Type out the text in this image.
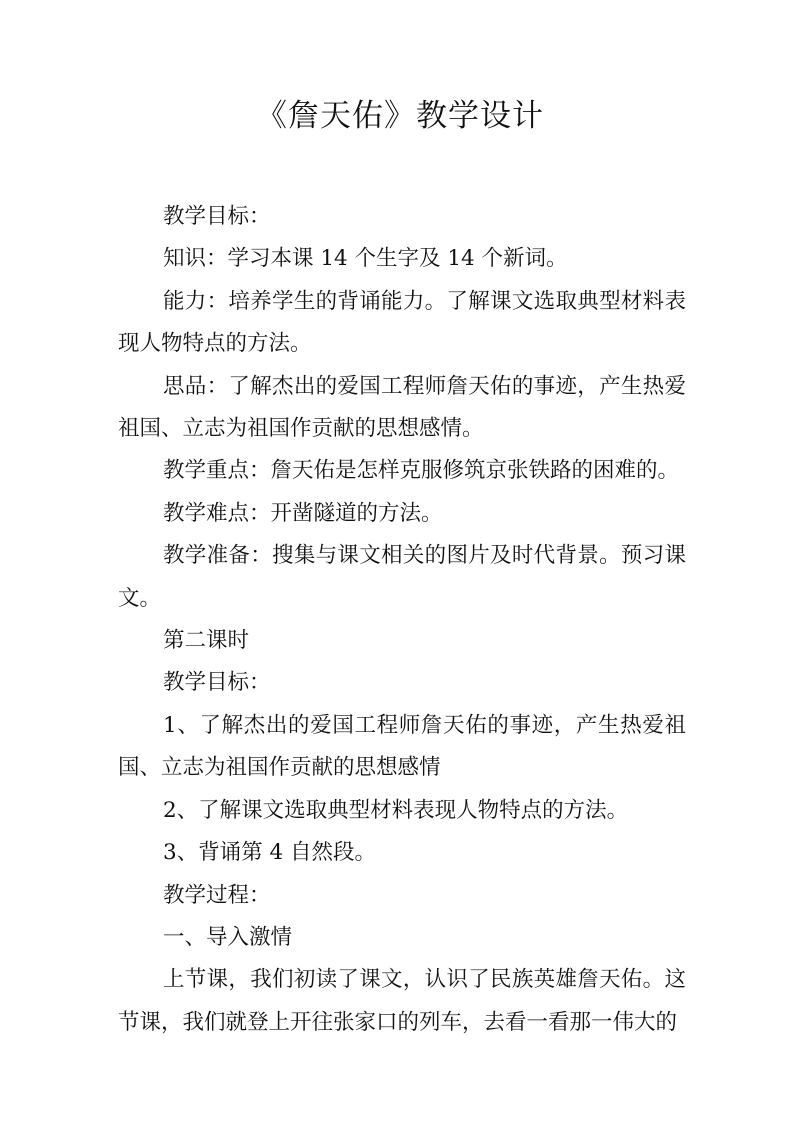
《詹天佑》教学设计

教学目标：

知识：学习本课 14 个生字及 14 个新词。

能力：培养学生的背诵能力。了解课文选取典型材料表现人物特点的方法。

思品：了解杰出的爱国工程师詹天佑的事迹，产生热爱祖国、立志为祖国作贡献的思想感情。

教学重点：詹天佑是怎样克服修筑京张铁路的困难的。

教学难点：开凿隧道的方法。

教学准备：搜集与课文相关的图片及时代背景。预习课文。

第二课时

教学目标：

1、了解杰出的爱国工程师詹天佑的事迹，产生热爱祖国、立志为祖国作贡献的思想感情

2、了解课文选取典型材料表现人物特点的方法。

3、背诵第 4 自然段。

教学过程：

一、导入激情

上节课，我们初读了课文，认识了民族英雄詹天佑。这节课，我们就登上开往张家口的列车，去看一看那一伟大的
